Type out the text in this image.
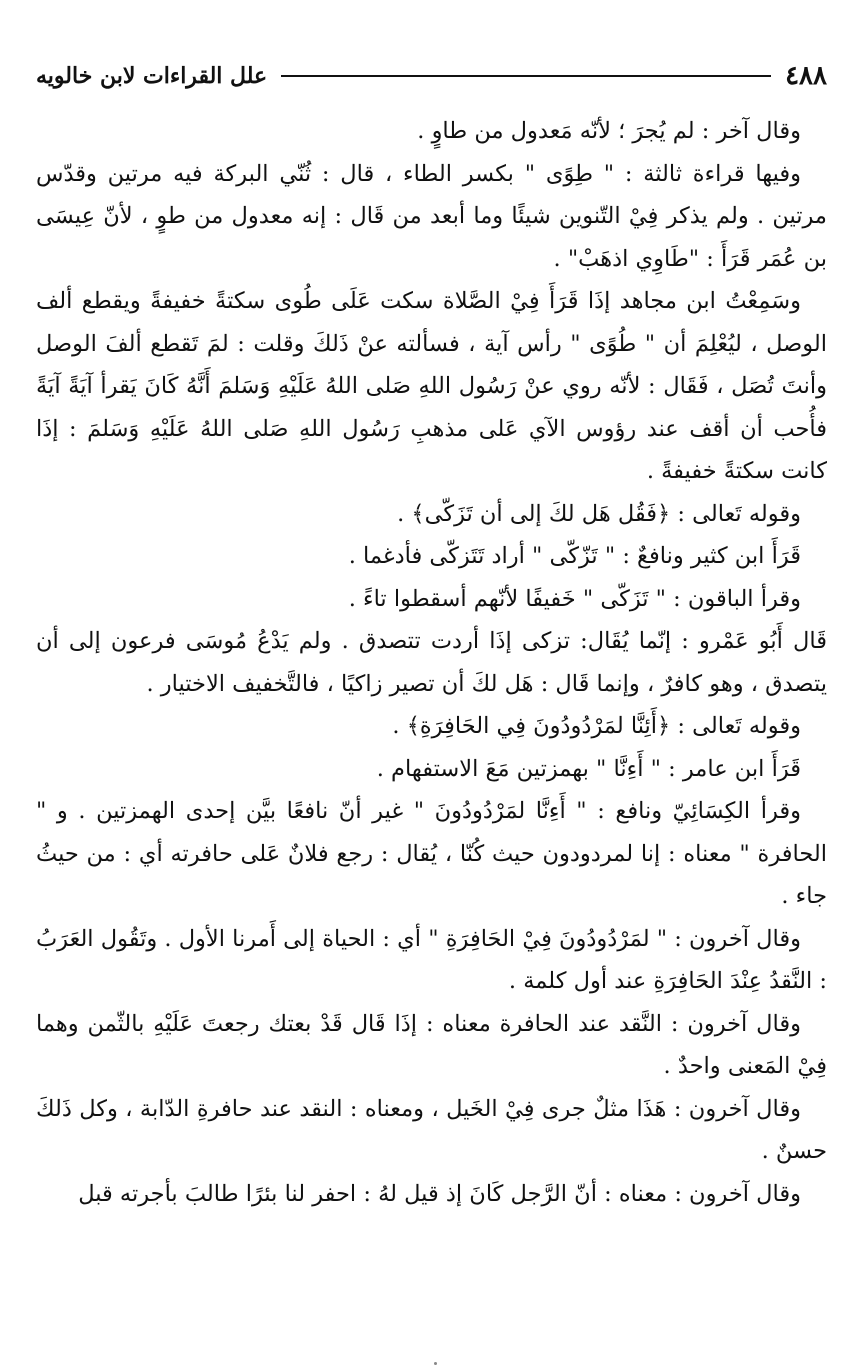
٤٨٨
علل القراءات لابن خالويه

وقال آخر : لم يُجرَ ؛ لأنّه مَعدول من طاوٍ .

وفيها قراءة ثالثة : " طِوًى " بكسر الطاء ، قال : ثُنّي البركة فيه مرتين وقدّس مرتين . ولم يذكر فِيْ التّنوين شيئًا وما أبعد من قَال : إنه معدول من طوٍ ، لأنّ عِيسَى بن عُمَر قَرَأَ : "طَاوِي اذهَبْ" .

وسَمِعْتُ ابن مجاهد إذَا قَرَأَ فِيْ الصَّلاة سكت عَلَى طُوى سكتةً خفيفةً ويقطع ألف الوصل ، ليُعْلِمَ أن " طُوًى " رأس آية ، فسألته عنْ ذَلكَ وقلت : لمَ تَقطع ألفَ الوصل وأنتَ تُصَل ، فَقَال : لأنّه روي عنْ رَسُول اللهِ صَلى اللهُ عَلَيْهِ وَسَلمَ أَنَّهُ كَانَ يَقرأ آيَةً آيَةً فأُحب أن أقف عند رؤوس الآي عَلى مذهبِ رَسُول اللهِ صَلى اللهُ عَلَيْهِ وَسَلمَ : إذَا كانت سكتةً خفيفةً .

وقوله تَعالى : ﴿فَقُل هَل لكَ إلى أن تَزَكّى﴾ .

قَرَأَ ابن كثير ونافعٌ : " تَزّكّى " أراد تَتَزكّى فأدغما .

وقرأ الباقون : " تَزَكّى " خَفيفًا لأنّهم أسقطوا تاءً .

قَال أَبُو عَمْرو : إنّما يُقَال: تزكى إذَا أردت تتصدق . ولم يَدْعُ مُوسَى فرعون إلى أن يتصدق ، وهو كافرٌ ، وإنما قَال : هَل لكَ أن تصير زاكيًا ، فالتَّخفيف الاختيار .

وقوله تَعالى : ﴿أَئِنَّا لمَرْدُودُونَ فِي الحَافِرَةِ﴾ .

قَرَأَ ابن عامر : " أَءِنَّا " بهمزتين مَعَ الاستفهام .

وقرأ الكِسَائِيّ ونافع : " أَءِنَّا لمَرْدُودُونَ " غير أنّ نافعًا بيَّن إحدى الهمزتين . و " الحافرة " معناه : إنا لمردودون حيث كُنّا ، يُقال : رجع فلانٌ عَلى حافرته أي : من حيثُ جاء .

وقال آخرون : " لمَرْدُودُونَ فِيْ الحَافِرَةِ " أي : الحياة إلى أَمرنا الأول . وتَقُول العَرَبُ : النَّقدُ عِنْدَ الحَافِرَةِ عند أول كلمة .

وقال آخرون : النَّقد عند الحافرة معناه : إذَا قَال قَدْ بعتك رجعتَ عَلَيْهِ بالثّمن وهما فِيْ المَعنى واحدٌ .

وقال آخرون : هَذَا مثلٌ جرى فِيْ الخَيل ، ومعناه : النقد عند حافرةِ الدّابة ، وكل ذَلكَ حسنٌ .

وقال آخرون : معناه : أنّ الرَّجل كَانَ إذ قيل لهُ : احفر لنا بئرًا طالبَ بأجرته قبل
